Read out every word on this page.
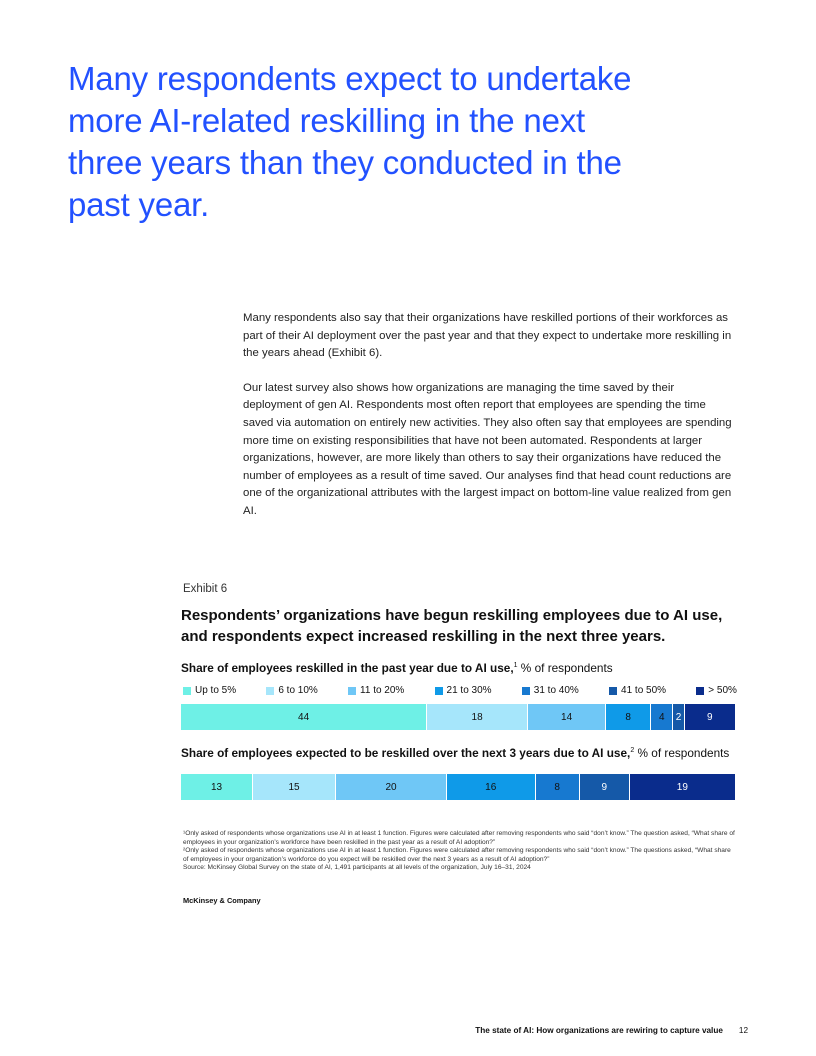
Many respondents expect to undertake more AI-related reskilling in the next three years than they conducted in the past year.

Many respondents also say that their organizations have reskilled portions of their workforces as part of their AI deployment over the past year and that they expect to undertake more reskilling in the years ahead (Exhibit 6).

Our latest survey also shows how organizations are managing the time saved by their deployment of gen AI. Respondents most often report that employees are spending the time saved via automation on entirely new activities. They also often say that employees are spending more time on existing responsibilities that have not been automated. Respondents at larger organizations, however, are more likely than others to say their organizations have reduced the number of employees as a result of time saved. Our analyses find that head count reductions are one of the organizational attributes with the largest impact on bottom-line value realized from gen AI.

Exhibit 6
Respondents’ organizations have begun reskilling employees due to AI use, and respondents expect increased reskilling in the next three years.
Share of employees reskilled in the past year due to AI use,$^1$ % of respondents
Up to 5%	6 to 10%	11 to 20%	21 to 30%	31 to 40%	41 to 50%	> 50%
44	18	14	8	4 2	9
Share of employees expected to be reskilled over the next 3 years due to AI use,$^2$ % of respondents
13	15	20	16	8	9	19
¹Only asked of respondents whose organizations use AI in at least 1 function. Figures were calculated after removing respondents who said “don’t know.” The question asked, “What share of employees in your organization’s workforce have been reskilled in the past year as a result of AI adoption?”
²Only asked of respondents whose organizations use AI in at least 1 function. Figures were calculated after removing respondents who said “don’t know.” The questions asked, “What share of employees in your organization’s workforce do you expect will be reskilled over the next 3 years as a result of AI adoption?”
Source: McKinsey Global Survey on the state of AI, 1,491 participants at all levels of the organization, July 16–31, 2024
McKinsey & Company
The state of AI: How organizations are rewiring to capture value 12
